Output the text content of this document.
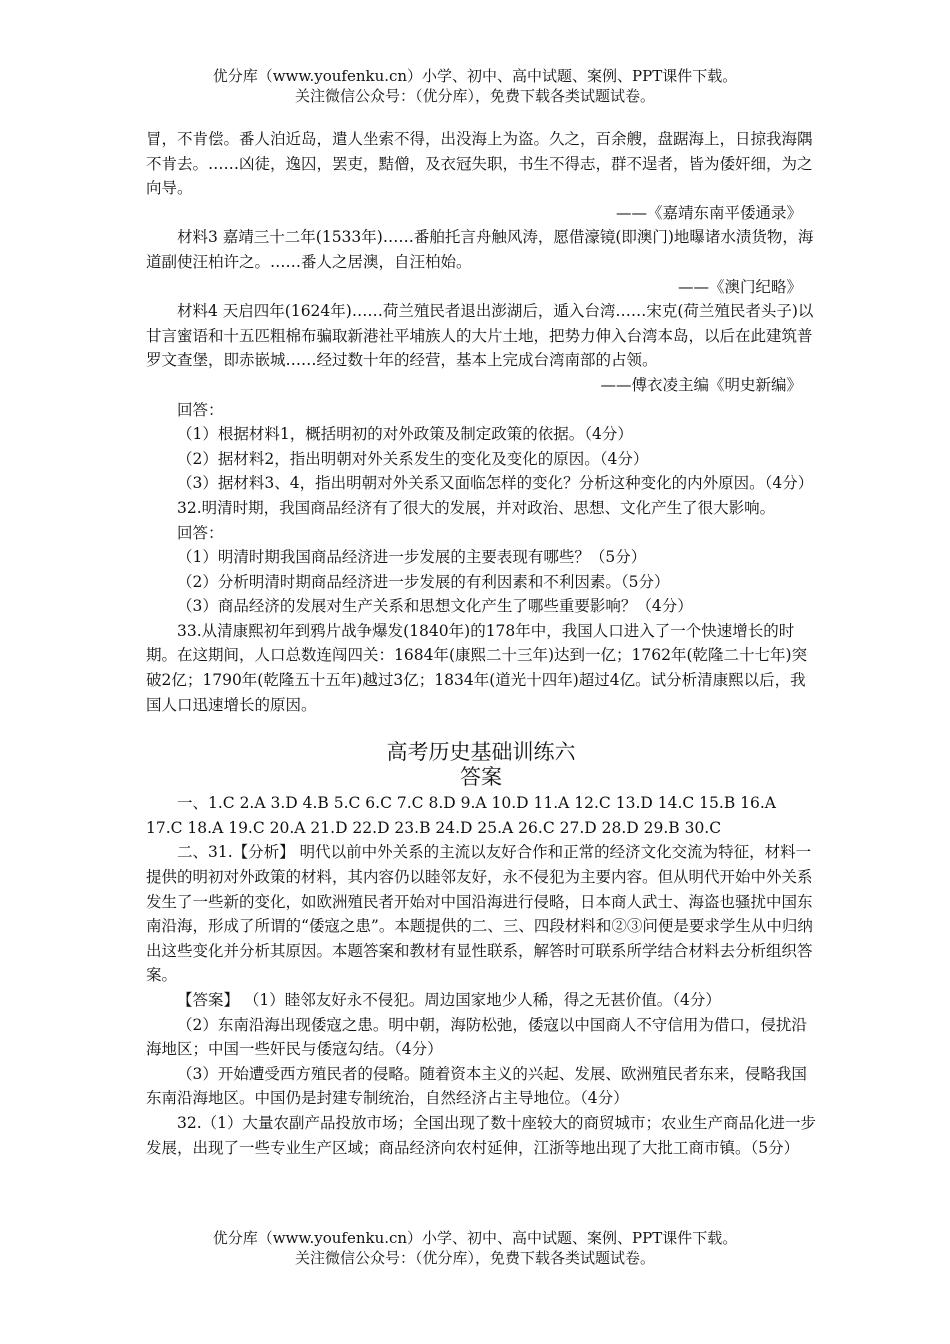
优分库（www.youfenku.cn）小学、初中、高中试题、案例、PPT课件下载。
关注微信公众号：（优分库），免费下载各类试题试卷。

冒，不肯偿。番人泊近岛，遣人坐索不得，出没海上为盗。久之，百余艘，盘踞海上，日掠我海隅不肯去。……凶徒，逸囚，罢吏，黠僧，及衣冠失职，书生不得志，群不逞者，皆为倭奸细，为之向导。

——《嘉靖东南平倭通录》

材料3 嘉靖三十二年(1533年)……番舶托言舟触风涛，愿借濠镜(即澳门)地曝诸水渍货物，海道副使汪柏许之。……番人之居澳，自汪柏始。

——《澳门纪略》

材料4 天启四年(1624年)……荷兰殖民者退出澎湖后，遁入台湾……宋克(荷兰殖民者头子)以甘言蜜语和十五匹粗棉布骗取新港社平埔族人的大片土地，把势力伸入台湾本岛，以后在此建筑普罗文查堡，即赤嵌城……经过数十年的经营，基本上完成台湾南部的占领。

——傅衣凌主编《明史新编》

回答：

（1）根据材料1，概括明初的对外政策及制定政策的依据。（4分）

（2）据材料2，指出明朝对外关系发生的变化及变化的原因。（4分）

（3）据材料3、4，指出明朝对外关系又面临怎样的变化？分析这种变化的内外原因。（4分）

32.明清时期，我国商品经济有了很大的发展，并对政治、思想、文化产生了很大影响。

回答：

（1）明清时期我国商品经济进一步发展的主要表现有哪些？（5分）

（2）分析明清时期商品经济进一步发展的有利因素和不利因素。（5分）

（3）商品经济的发展对生产关系和思想文化产生了哪些重要影响？（4分）

33.从清康熙初年到鸦片战争爆发(1840年)的178年中，我国人口进入了一个快速增长的时期。在这期间，人口总数连闯四关：1684年(康熙二十三年)达到一亿；1762年(乾隆二十七年)突破2亿；1790年(乾隆五十五年)越过3亿；1834年(道光十四年)超过4亿。试分析清康熙以后，我国人口迅速增长的原因。

高考历史基础训练六
答案

一、1.C 2.A 3.D 4.B 5.C 6.C 7.C 8.D 9.A 10.D 11.A 12.C 13.D 14.C 15.B 16.A 17.C 18.A 19.C 20.A 21.D 22.D 23.B 24.D 25.A 26.C 27.D 28.D 29.B 30.C

二、31.【分析】 明代以前中外关系的主流以友好合作和正常的经济文化交流为特征，材料一提供的明初对外政策的材料，其内容仍以睦邻友好，永不侵犯为主要内容。但从明代开始中外关系发生了一些新的变化，如欧洲殖民者开始对中国沿海进行侵略，日本商人武士、海盗也骚扰中国东南沿海，形成了所谓的“倭寇之患”。本题提供的二、三、四段材料和②③问便是要求学生从中归纳出这些变化并分析其原因。本题答案和教材有显性联系，解答时可联系所学结合材料去分析组织答案。

【答案】 （1）睦邻友好永不侵犯。周边国家地少人稀，得之无甚价值。（4分）

（2）东南沿海出现倭寇之患。明中朝，海防松弛，倭寇以中国商人不守信用为借口，侵扰沿海地区；中国一些奸民与倭寇勾结。（4分）

（3）开始遭受西方殖民者的侵略。随着资本主义的兴起、发展、欧洲殖民者东来，侵略我国东南沿海地区。中国仍是封建专制统治，自然经济占主导地位。（4分）

32.（1）大量农副产品投放市场；全国出现了数十座较大的商贸城市；农业生产商品化进一步发展，出现了一些专业生产区域；商品经济向农村延伸，江浙等地出现了大批工商市镇。（5分）

优分库（www.youfenku.cn）小学、初中、高中试题、案例、PPT课件下载。
关注微信公众号：（优分库），免费下载各类试题试卷。
